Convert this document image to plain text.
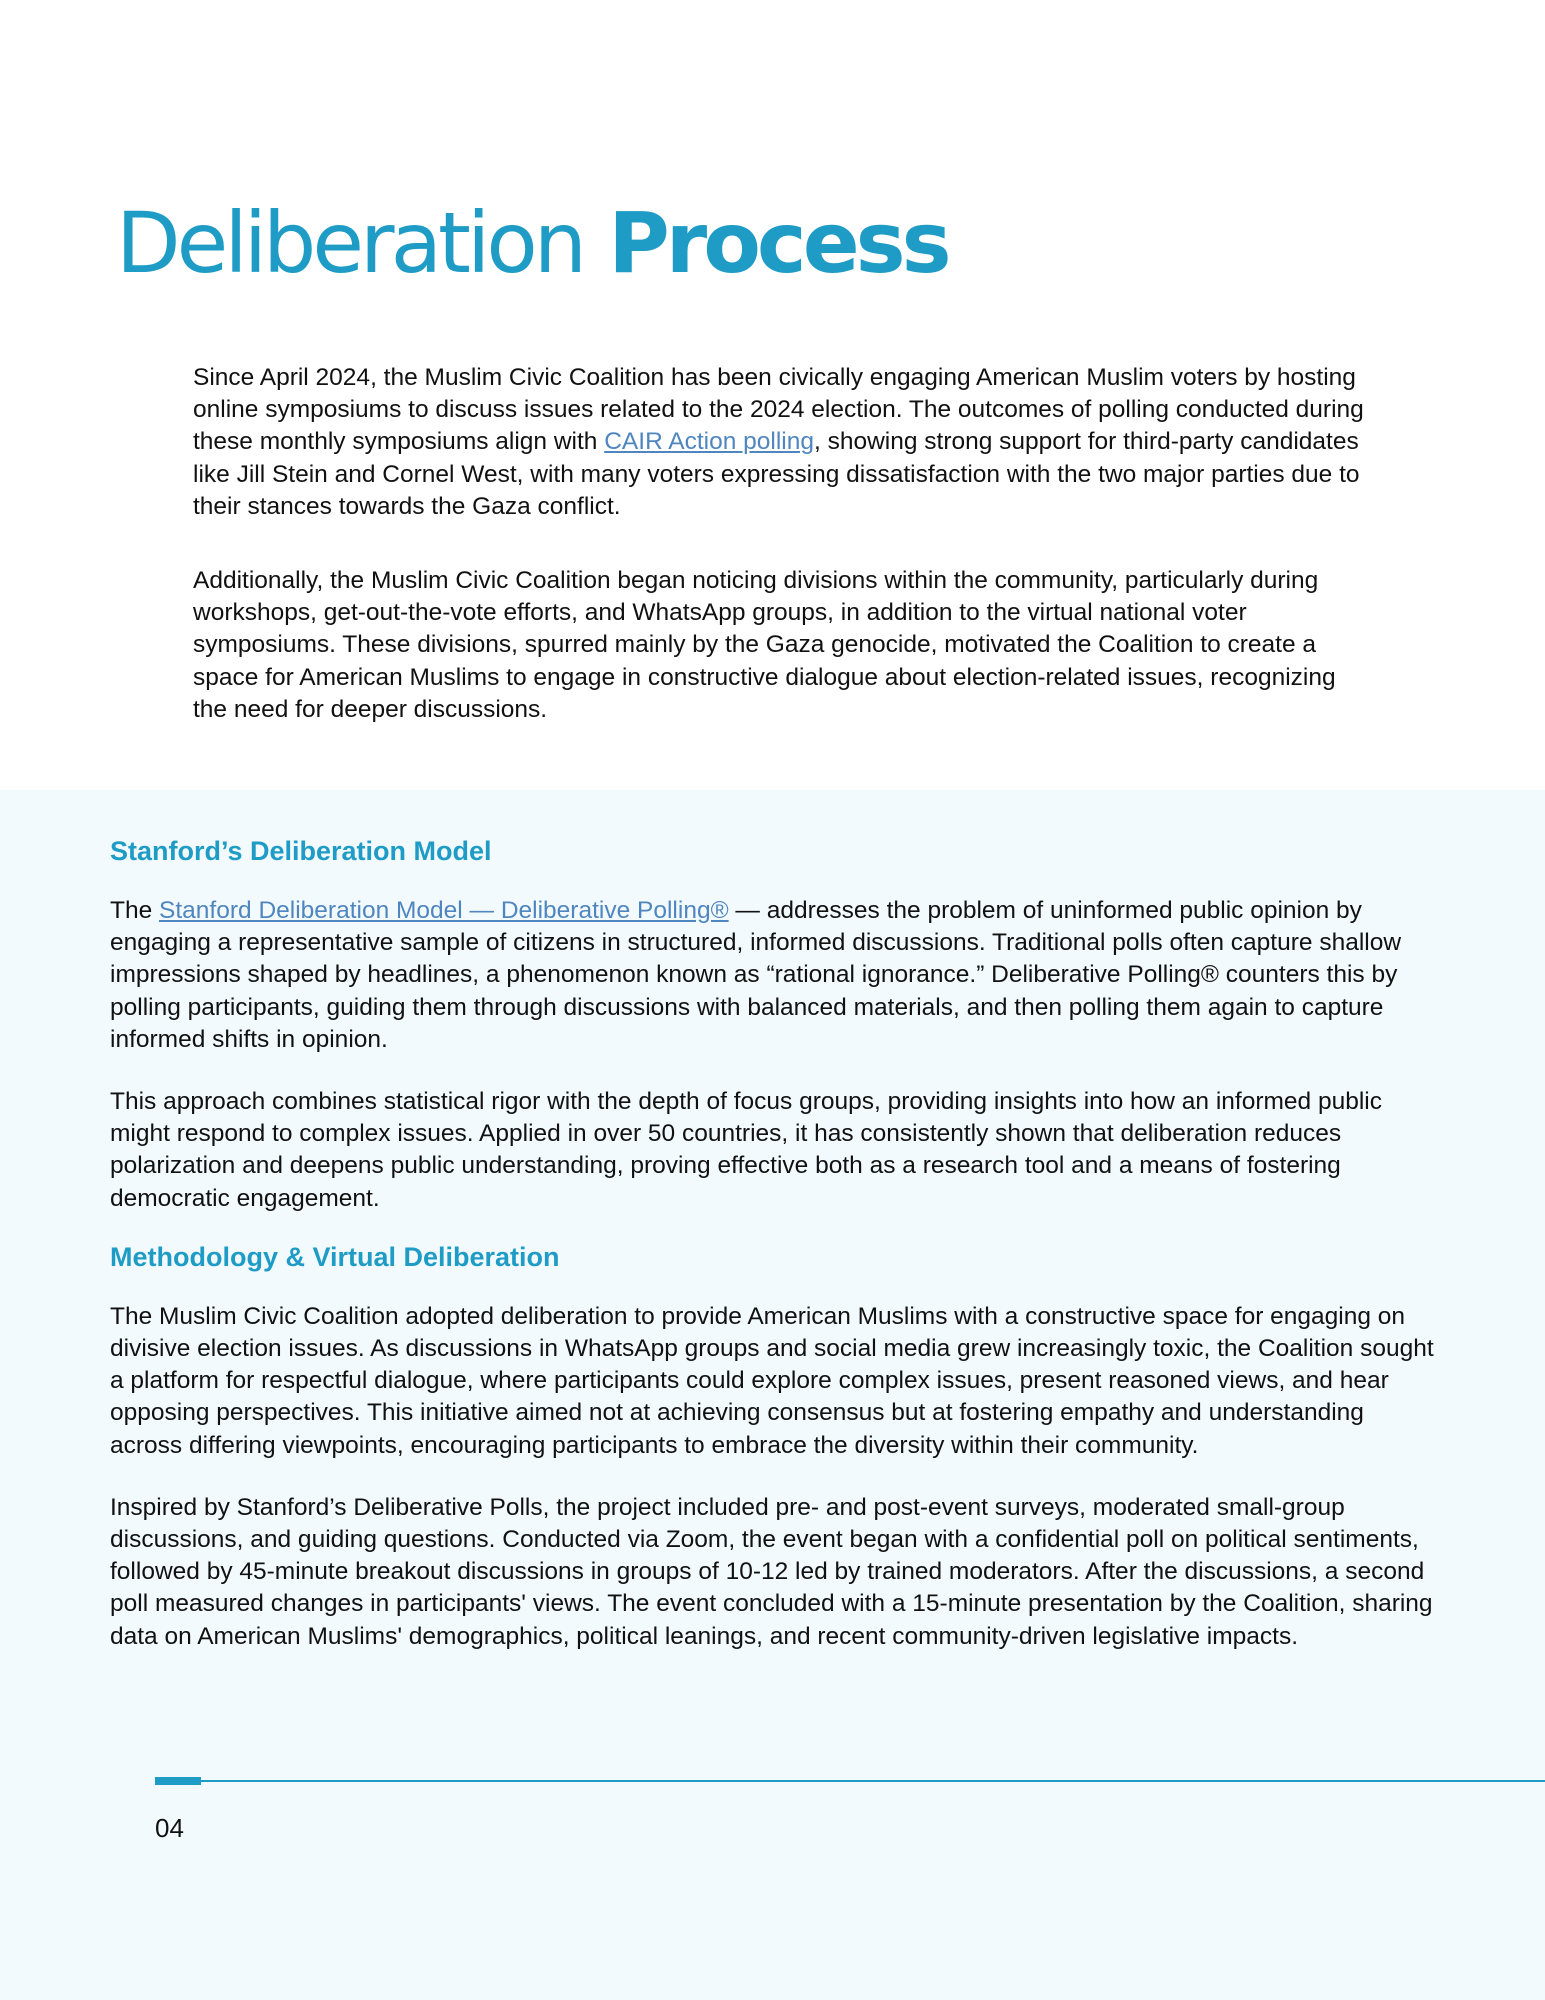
Deliberation Process

Since April 2024, the Muslim Civic Coalition has been civically engaging American Muslim voters by hosting online symposiums to discuss issues related to the 2024 election. The outcomes of polling conducted during these monthly symposiums align with CAIR Action polling, showing strong support for third-party candidates like Jill Stein and Cornel West, with many voters expressing dissatisfaction with the two major parties due to their stances towards the Gaza conflict.

Additionally, the Muslim Civic Coalition began noticing divisions within the community, particularly during workshops, get-out-the-vote efforts, and WhatsApp groups, in addition to the virtual national voter symposiums. These divisions, spurred mainly by the Gaza genocide, motivated the Coalition to create a space for American Muslims to engage in constructive dialogue about election-related issues, recognizing the need for deeper discussions.

Stanford’s Deliberation Model

The Stanford Deliberation Model — Deliberative Polling® — addresses the problem of uninformed public opinion by engaging a representative sample of citizens in structured, informed discussions. Traditional polls often capture shallow impressions shaped by headlines, a phenomenon known as “rational ignorance.” Deliberative Polling® counters this by polling participants, guiding them through discussions with balanced materials, and then polling them again to capture informed shifts in opinion.

This approach combines statistical rigor with the depth of focus groups, providing insights into how an informed public might respond to complex issues. Applied in over 50 countries, it has consistently shown that deliberation reduces polarization and deepens public understanding, proving effective both as a research tool and a means of fostering democratic engagement.

Methodology & Virtual Deliberation

The Muslim Civic Coalition adopted deliberation to provide American Muslims with a constructive space for engaging on divisive election issues. As discussions in WhatsApp groups and social media grew increasingly toxic, the Coalition sought a platform for respectful dialogue, where participants could explore complex issues, present reasoned views, and hear opposing perspectives. This initiative aimed not at achieving consensus but at fostering empathy and understanding across differing viewpoints, encouraging participants to embrace the diversity within their community.

Inspired by Stanford’s Deliberative Polls, the project included pre- and post-event surveys, moderated small-group discussions, and guiding questions. Conducted via Zoom, the event began with a confidential poll on political sentiments, followed by 45-minute breakout discussions in groups of 10-12 led by trained moderators. After the discussions, a second poll measured changes in participants' views. The event concluded with a 15-minute presentation by the Coalition, sharing data on American Muslims' demographics, political leanings, and recent community-driven legislative impacts.

04
